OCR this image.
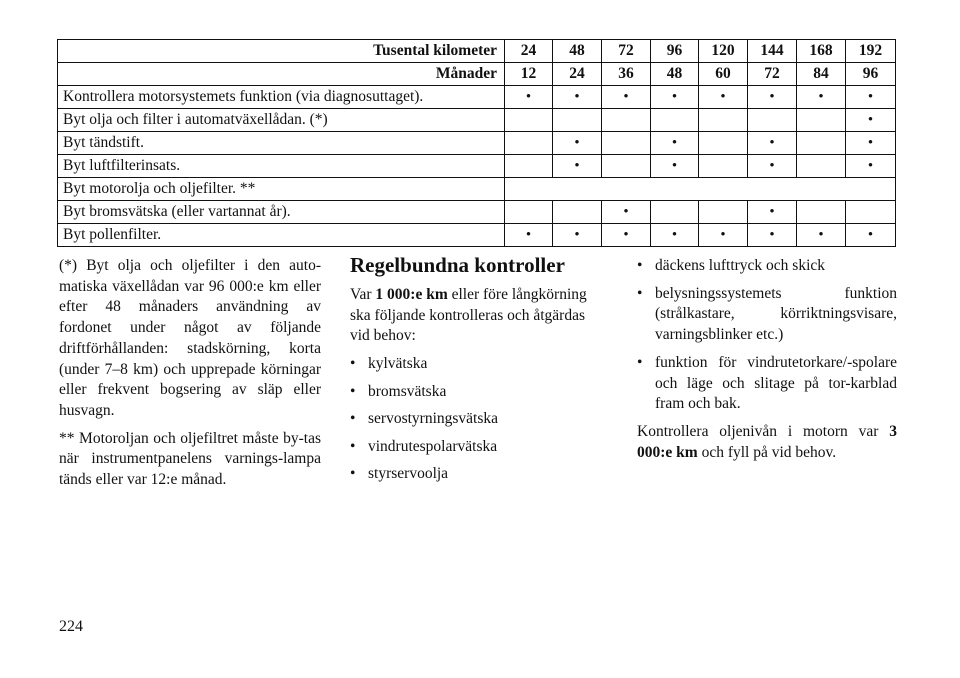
Tusental kilometer	24	48	72	96	120	144	168	192
Månader	12	24	36	48	60	72	84	96
Kontrollera motorsystemets funktion (via diagnosuttaget).	•	•	•	•	•	•	•	•
Byt olja och filter i automatväxellådan. (*)								•
Byt tändstift.		•		•		•		•
Byt luftfilterinsats.		•		•		•		•
Byt motorolja och oljefilter. **								
Byt bromsvätska (eller vartannat år).			•			•		
Byt pollenfilter.	•	•	•	•	•	•	•	•

(*) Byt olja och oljefilter i den auto-matiska växellådan var 96 000:e km eller efter 48 månaders användning av fordonet under något av följande driftförhållanden: stadskörning, korta (under 7–8 km) och upprepade körningar eller frekvent bogsering av släp eller husvagn.

** Motoroljan och oljefiltret måste by-tas när instrumentpanelens varnings-lampa tänds eller var 12:e månad.

Regelbundna kontroller

Var 1 000:e km eller före långkörning ska följande kontrolleras och åtgärdas vid behov:

• kylvätska
• bromsvätska
• servostyrningsvätska
• vindrutespolarvätska
• styrservoolja
• däckens lufttryck och skick
• belysningssystemets funktion (strålkastare, körriktningsvisare, varningsblinker etc.)
• funktion för vindrutetorkare/-spolare och läge och slitage på tor-karblad fram och bak.

Kontrollera oljenivån i motorn var 3 000:e km och fyll på vid behov.

224
